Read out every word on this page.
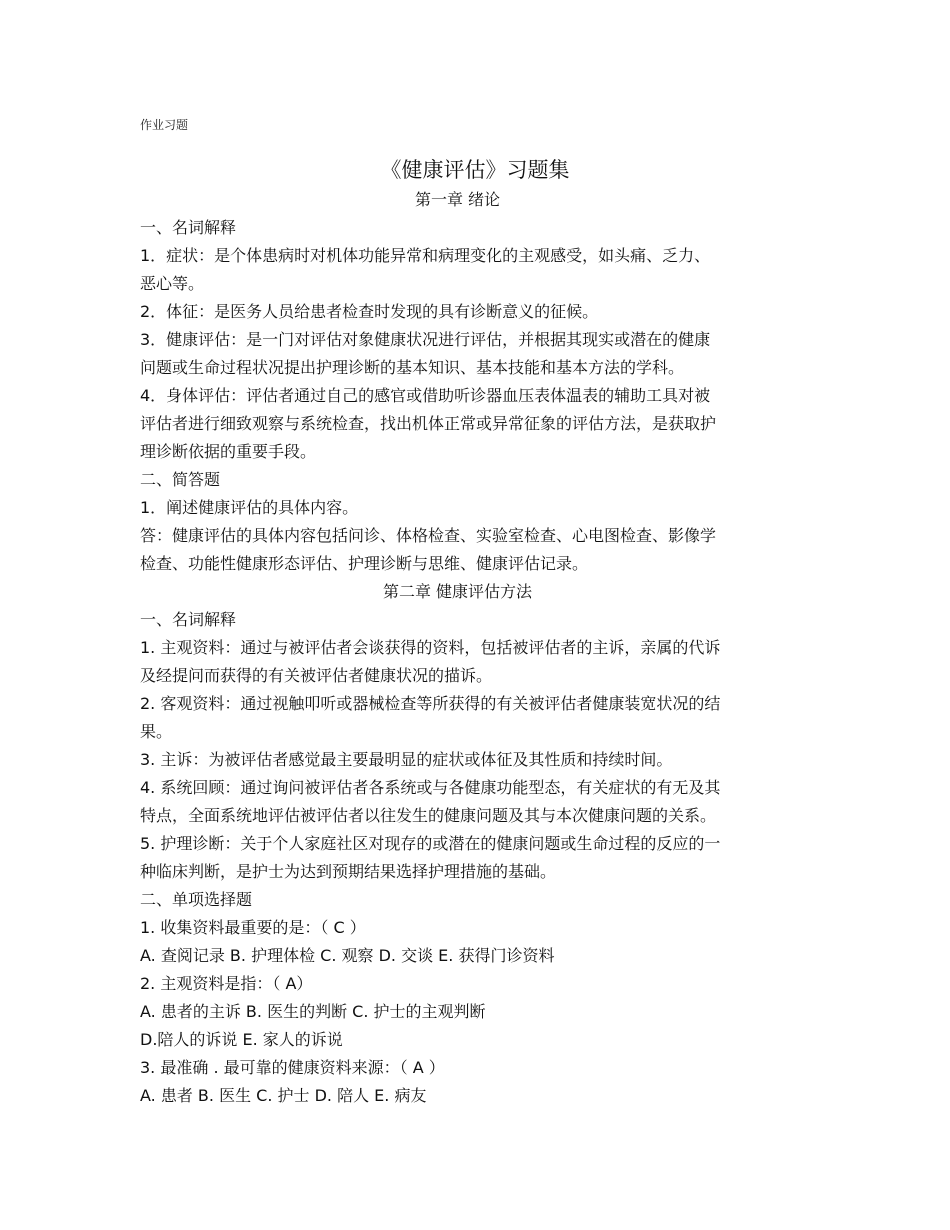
作业习题
《健康评估》习题集

第一章 绪论

一、名词解释

1．症状：是个体患病时对机体功能异常和病理变化的主观感受，如头痛、乏力、

恶心等。

2．体征：是医务人员给患者检查时发现的具有诊断意义的征候。

3．健康评估：是一门对评估对象健康状况进行评估，并根据其现实或潜在的健康

问题或生命过程状况提出护理诊断的基本知识、基本技能和基本方法的学科。

4．身体评估：评估者通过自己的感官或借助听诊器血压表体温表的辅助工具对被

评估者进行细致观察与系统检查，找出机体正常或异常征象的评估方法，是获取护

理诊断依据的重要手段。

二、简答题

1．阐述健康评估的具体内容。

答：健康评估的具体内容包括问诊、体格检查、实验室检查、心电图检查、影像学

检查、功能性健康形态评估、护理诊断与思维、健康评估记录。

第二章 健康评估方法

一、名词解释

1. 主观资料：通过与被评估者会谈获得的资料，包括被评估者的主诉，亲属的代诉

及经提问而获得的有关被评估者健康状况的描诉。

2. 客观资料：通过视触叩听或器械检查等所获得的有关被评估者健康装宽状况的结

果。

3. 主诉：为被评估者感觉最主要最明显的症状或体征及其性质和持续时间。

4. 系统回顾：通过询问被评估者各系统或与各健康功能型态，有关症状的有无及其

特点，全面系统地评估被评估者以往发生的健康问题及其与本次健康问题的关系。

5. 护理诊断：关于个人家庭社区对现存的或潜在的健康问题或生命过程的反应的一

种临床判断，是护士为达到预期结果选择护理措施的基础。

二、单项选择题

1. 收集资料最重要的是：（ C ）

A. 查阅记录 B. 护理体检 C. 观察 D. 交谈 E. 获得门诊资料

2. 主观资料是指：（ A）

A. 患者的主诉 B. 医生的判断 C. 护士的主观判断

D.陪人的诉说 E. 家人的诉说

3. 最准确 . 最可靠的健康资料来源：（ A ）

A. 患者 B. 医生 C. 护士 D. 陪人 E. 病友
